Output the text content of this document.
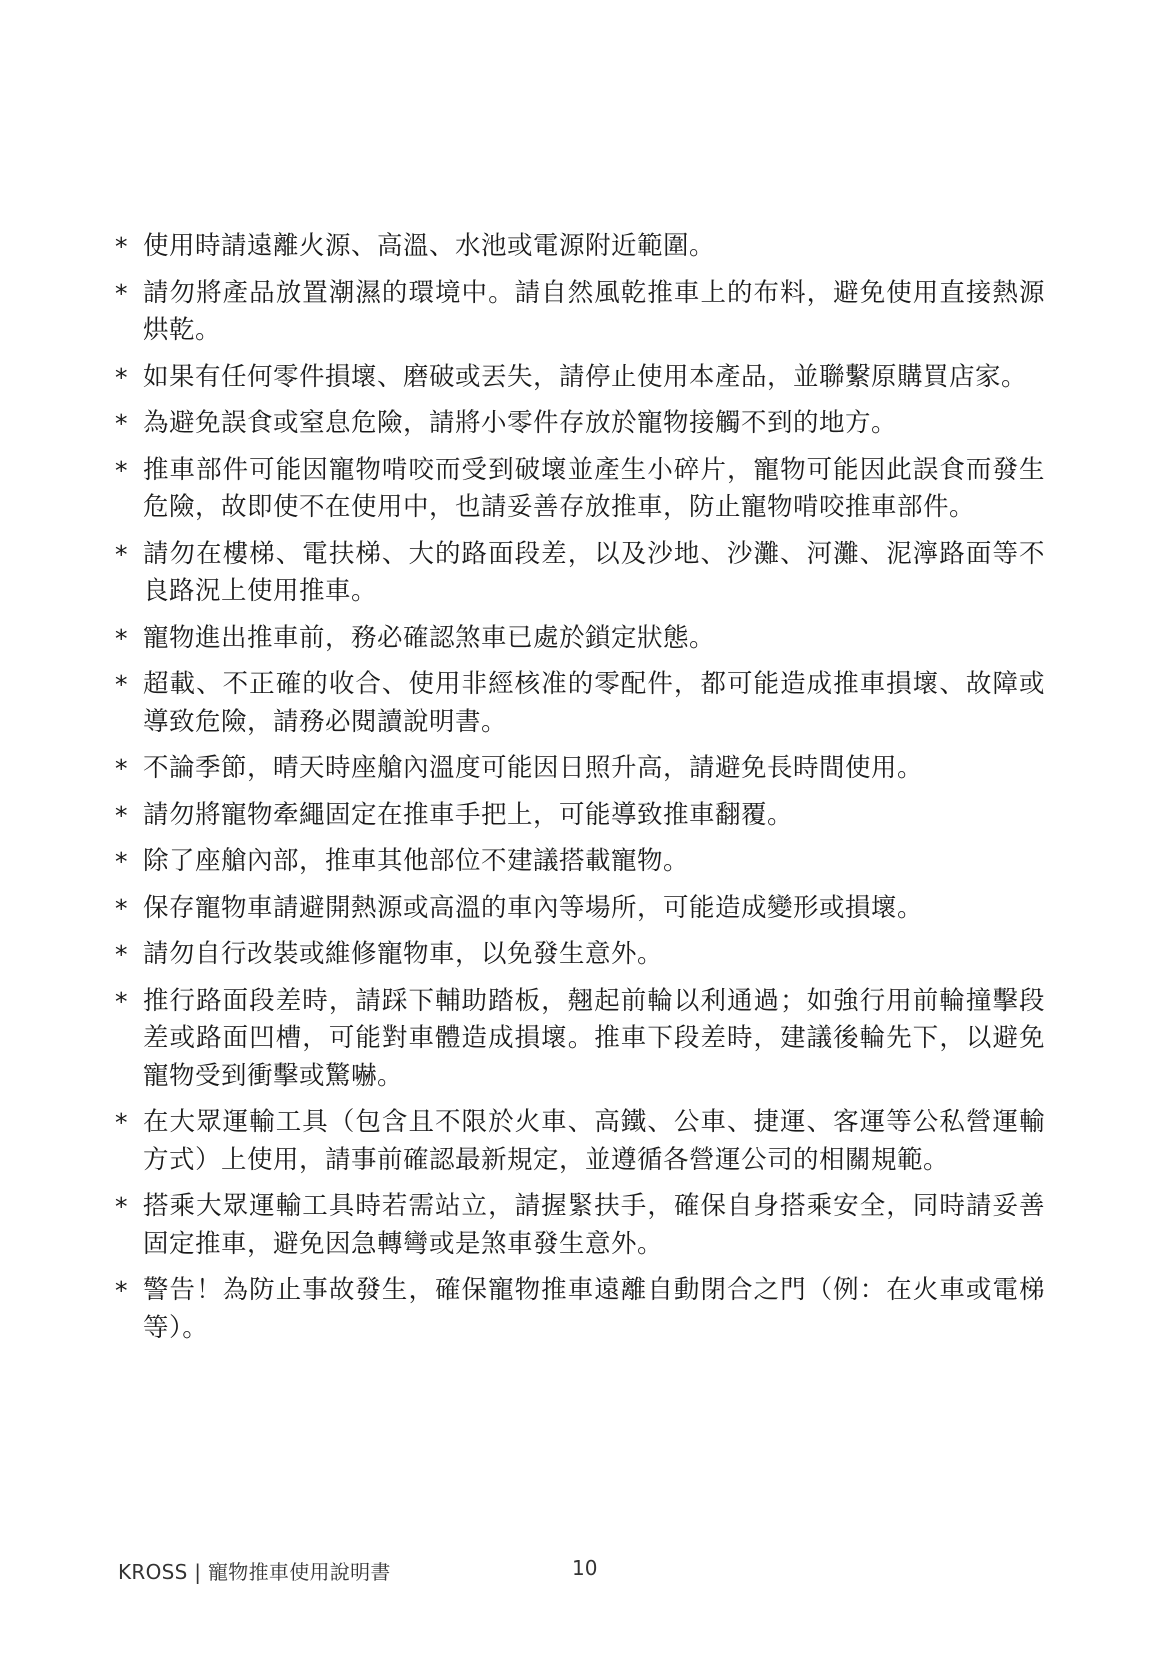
* 使用時請遠離火源、高溫、水池或電源附近範圍。
* 請勿將產品放置潮濕的環境中。請自然風乾推車上的布料，避免使用直接熱源烘乾。
* 如果有任何零件損壞、磨破或丟失，請停止使用本產品，並聯繫原購買店家。
* 為避免誤食或窒息危險，請將小零件存放於寵物接觸不到的地方。
* 推車部件可能因寵物啃咬而受到破壞並產生小碎片，寵物可能因此誤食而發生危險，故即使不在使用中，也請妥善存放推車，防止寵物啃咬推車部件。
* 請勿在樓梯、電扶梯、大的路面段差，以及沙地、沙灘、河灘、泥濘路面等不良路況上使用推車。
* 寵物進出推車前，務必確認煞車已處於鎖定狀態。
* 超載、不正確的收合、使用非經核准的零配件，都可能造成推車損壞、故障或導致危險，請務必閱讀說明書。
* 不論季節，晴天時座艙內溫度可能因日照升高，請避免長時間使用。
* 請勿將寵物牽繩固定在推車手把上，可能導致推車翻覆。
* 除了座艙內部，推車其他部位不建議搭載寵物。
* 保存寵物車請避開熱源或高溫的車內等場所，可能造成變形或損壞。
* 請勿自行改裝或維修寵物車，以免發生意外。
* 推行路面段差時，請踩下輔助踏板，翹起前輪以利通過；如強行用前輪撞擊段差或路面凹槽，可能對車體造成損壞。推車下段差時，建議後輪先下，以避免寵物受到衝擊或驚嚇。
* 在大眾運輸工具（包含且不限於火車、高鐵、公車、捷運、客運等公私營運輸方式）上使用，請事前確認最新規定，並遵循各營運公司的相關規範。
* 搭乘大眾運輸工具時若需站立，請握緊扶手，確保自身搭乘安全，同時請妥善固定推車，避免因急轉彎或是煞車發生意外。
* 警告！為防止事故發生，確保寵物推車遠離自動閉合之門（例：在火車或電梯等）。
KROSS | 寵物推車使用說明書	10
